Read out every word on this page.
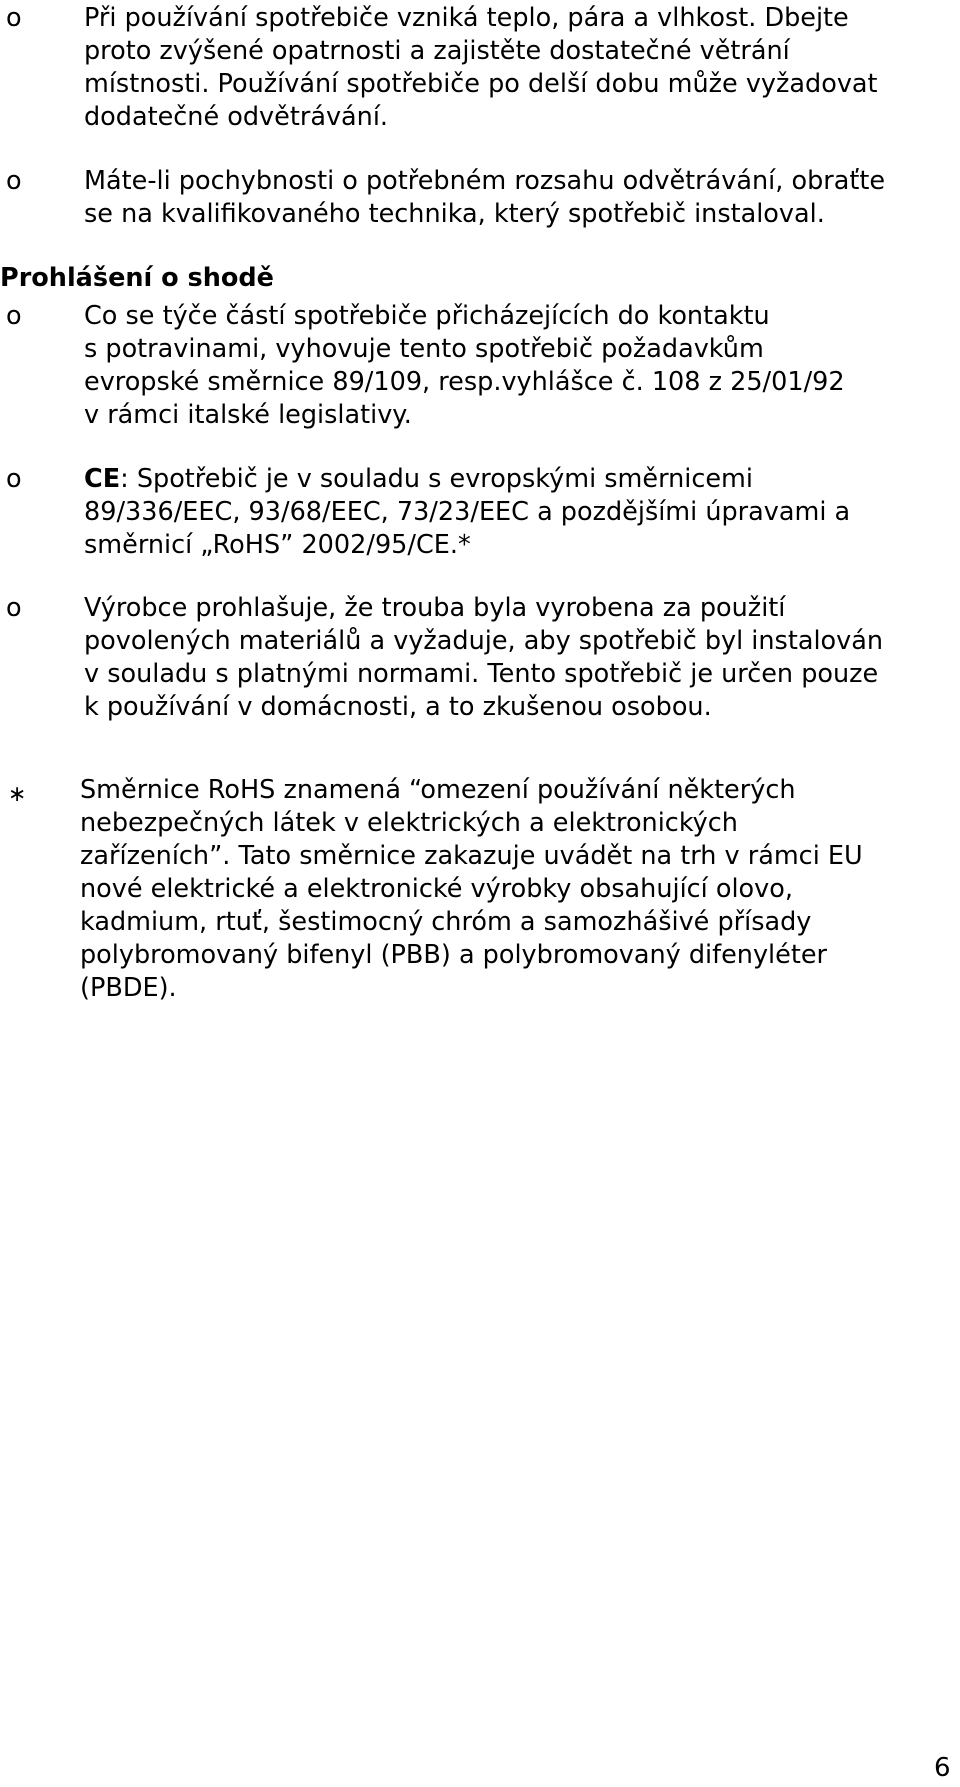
o	Při používání spotřebiče vzniká teplo, pára a vlhkost. Dbejte
proto zvýšené opatrnosti a zajistěte dostatečné větrání
místnosti. Používání spotřebiče po delší dobu může vyžadovat
dodatečné odvětrávání.
o	Máte-li pochybnosti o potřebném rozsahu odvětrávání, obraťte
se na kvalifikovaného technika, který spotřebič instaloval.
Prohlášení o shodě
o	Co se týče částí spotřebiče přicházejících do kontaktu
s potravinami, vyhovuje tento spotřebič požadavkům
evropské směrnice 89/109, resp.vyhlášce č. 108 z 25/01/92
v rámci italské legislativy.
o	CE: Spotřebič je v souladu s evropskými směrnicemi
89/336/EEC, 93/68/EEC, 73/23/EEC a pozdějšími úpravami a
směrnicí „RoHS” 2002/95/CE.*
o	Výrobce prohlašuje, že trouba byla vyrobena za použití
povolených materiálů a vyžaduje, aby spotřebič byl instalován
v souladu s platnými normami. Tento spotřebič je určen pouze
k používání v domácnosti, a to zkušenou osobou.
∗ Směrnice RoHS znamená “omezení používání některých
nebezpečných látek v elektrických a elektronických
zařízeních”. Tato směrnice zakazuje uvádět na trh v rámci EU
nové elektrické a elektronické výrobky obsahující olovo,
kadmium, rtuť, šestimocný chróm a samozhášivé přísady
polybromovaný bifenyl (PBB) a polybromovaný difenyléter
(PBDE).
6
